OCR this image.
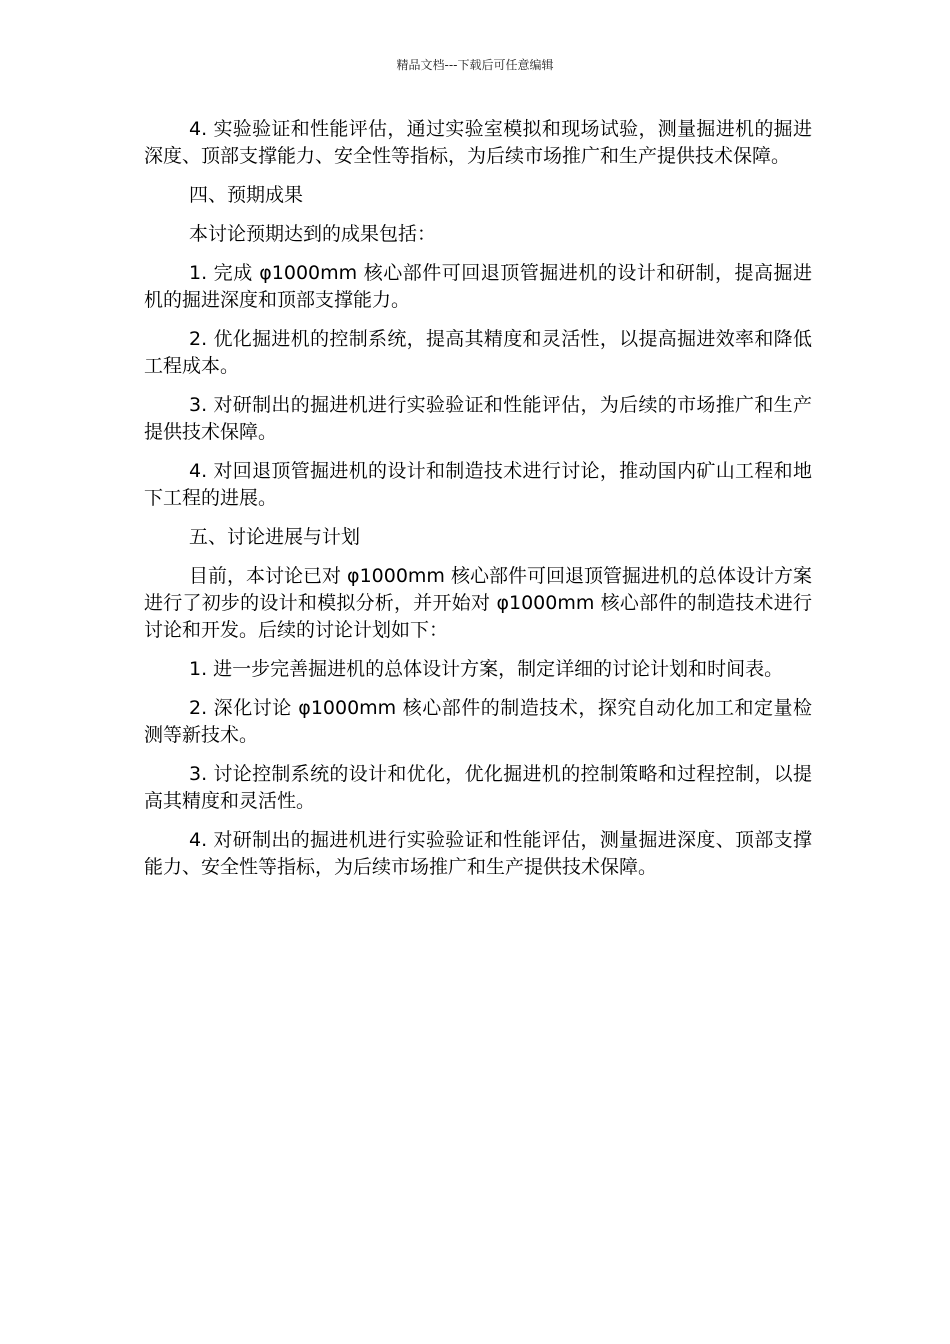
精品文档---下载后可任意编辑

4. 实验验证和性能评估，通过实验室模拟和现场试验，测量掘进机的掘进深度、顶部支撑能力、安全性等指标，为后续市场推广和生产提供技术保障。

四、预期成果

本讨论预期达到的成果包括：

1. 完成 φ1000mm 核心部件可回退顶管掘进机的设计和研制，提高掘进机的掘进深度和顶部支撑能力。

2. 优化掘进机的控制系统，提高其精度和灵活性，以提高掘进效率和降低工程成本。

3. 对研制出的掘进机进行实验验证和性能评估，为后续的市场推广和生产提供技术保障。

4. 对回退顶管掘进机的设计和制造技术进行讨论，推动国内矿山工程和地下工程的进展。

五、讨论进展与计划

目前，本讨论已对 φ1000mm 核心部件可回退顶管掘进机的总体设计方案进行了初步的设计和模拟分析，并开始对 φ1000mm 核心部件的制造技术进行讨论和开发。后续的讨论计划如下：

1. 进一步完善掘进机的总体设计方案，制定详细的讨论计划和时间表。

2. 深化讨论 φ1000mm 核心部件的制造技术，探究自动化加工和定量检测等新技术。

3. 讨论控制系统的设计和优化，优化掘进机的控制策略和过程控制，以提高其精度和灵活性。

4. 对研制出的掘进机进行实验验证和性能评估，测量掘进深度、顶部支撑能力、安全性等指标，为后续市场推广和生产提供技术保障。
